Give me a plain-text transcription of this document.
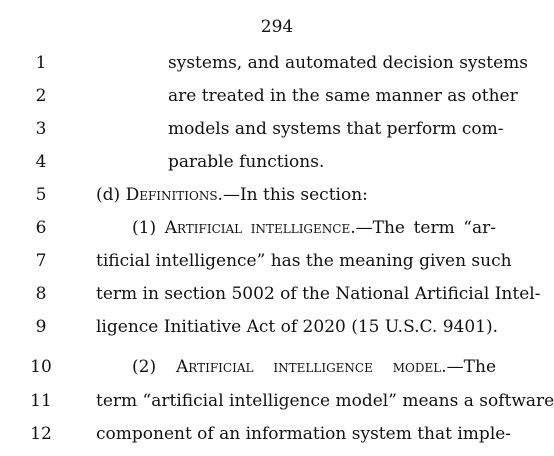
294
1	systems, and automated decision systems
2	are treated in the same manner as other
3	models and systems that perform com-
4	parable functions.
5	(d) Definitions.—In this section:
6	(1) Artificial intelligence.—The term “ar-
7	tificial intelligence” has the meaning given such
8	term in section 5002 of the National Artificial Intel-
9	ligence Initiative Act of 2020 (15 U.S.C. 9401).
10	(2) Artificial intelligence model.—The
11	term “artificial intelligence model” means a software
12	component of an information system that imple-
